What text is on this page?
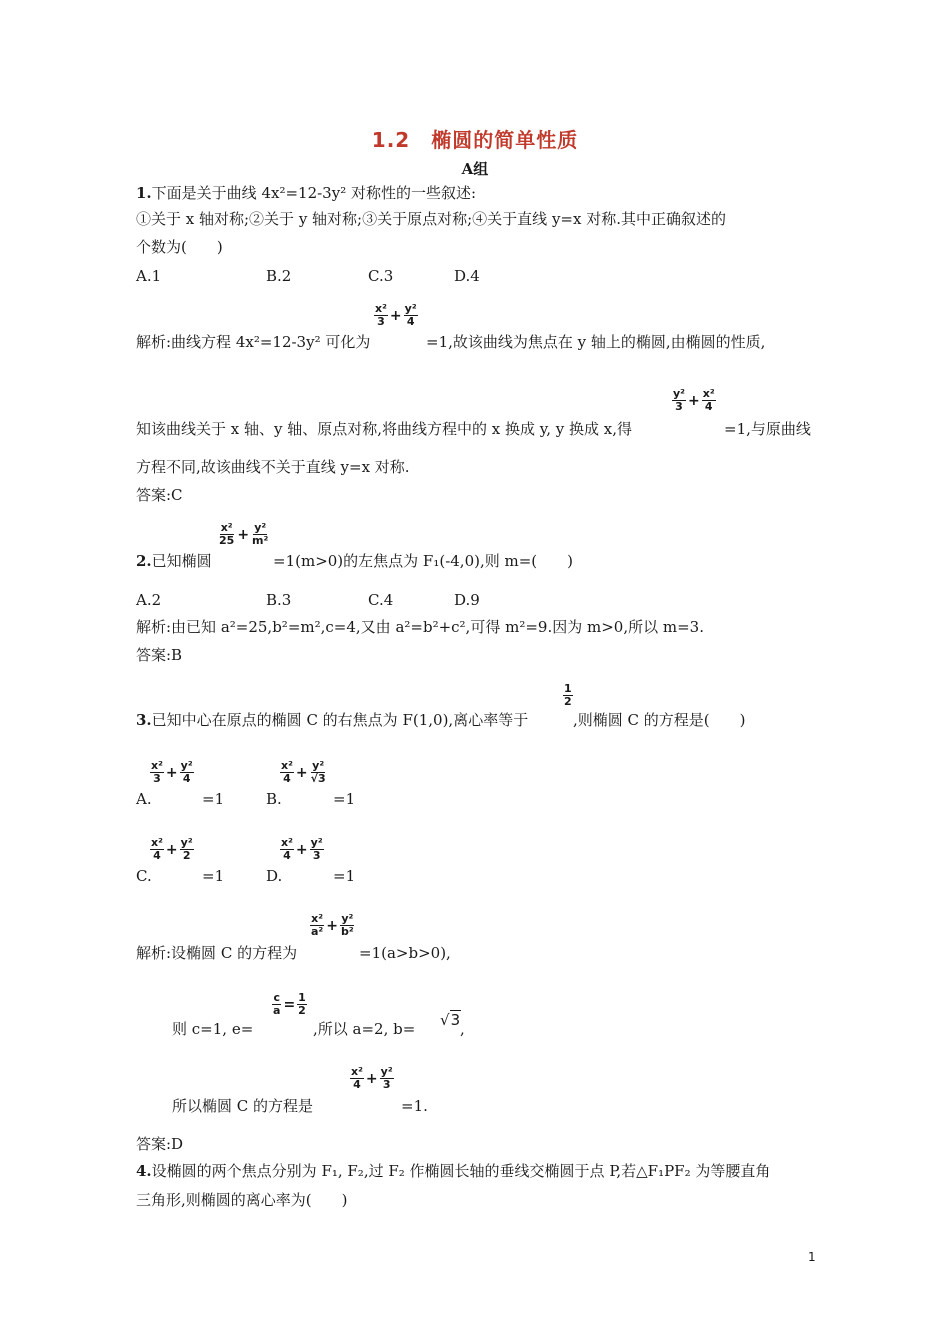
1.2　椭圆的简单性质
A组
1.下面是关于曲线 4x²=12-3y² 对称性的一些叙述:
①关于 x 轴对称;②关于 y 轴对称;③关于原点对称;④关于直线 y=x 对称.其中正确叙述的
个数为(　　)
A.1	B.2	C.3	D.4
解析:曲线方程 4x²=12-3y² 可化为
$\frac{\text{x²}}{3} + \frac{\text{y²}}{4}$
=1,故该曲线为焦点在 y 轴上的椭圆,由椭圆的性质,
知该曲线关于 x 轴、y 轴、原点对称,将曲线方程中的 x 换成 y, y 换成 x,得
$\frac{\text{y²}}{3} + \frac{\text{x²}}{4}$
=1,与原曲线
方程不同,故该曲线不关于直线 y=x 对称.
答案:C
2.已知椭圆
$\frac{\text{x²}}{25} + \frac{\text{y²}}{\text{m²}}$
=1(m>0)的左焦点为 F₁(-4,0),则 m=(　　)
A.2	B.3	C.4	D.9
解析:由已知 a²=25,b²=m²,c=4,又由 a²=b²+c²,可得 m²=9.因为 m>0,所以 m=3.
答案:B
3.已知中心在原点的椭圆 C 的右焦点为 F(1,0),离心率等于
$\frac{1}{2}$
,则椭圆 C 的方程是(　　)
A.
$\frac{\text{x²}}{3} + \frac{\text{y²}}{4}$
=1	B.
$\frac{\text{x²}}{4} + \frac{\text{y²}}{√3}$
=1
C.
$\frac{\text{x²}}{4} + \frac{\text{y²}}{2}$
=1	D.
$\frac{\text{x²}}{4} + \frac{\text{y²}}{3}$
=1
解析:设椭圆 C 的方程为
$\frac{\text{x²}}{\text{a²}} + \frac{\text{y²}}{\text{b²}}$
=1(a>b>0),
则 c=1, e=
$\frac{c}{a} = \frac{1}{2}$
,所以 a=2, b= √3 ,
所以椭圆 C 的方程是
$\frac{\text{x²}}{4} + \frac{\text{y²}}{3}$
=1.
答案:D
4.设椭圆的两个焦点分别为 F₁, F₂,过 F₂ 作椭圆长轴的垂线交椭圆于点 P,若△F₁PF₂ 为等腰直角
三角形,则椭圆的离心率为(　　)
1
